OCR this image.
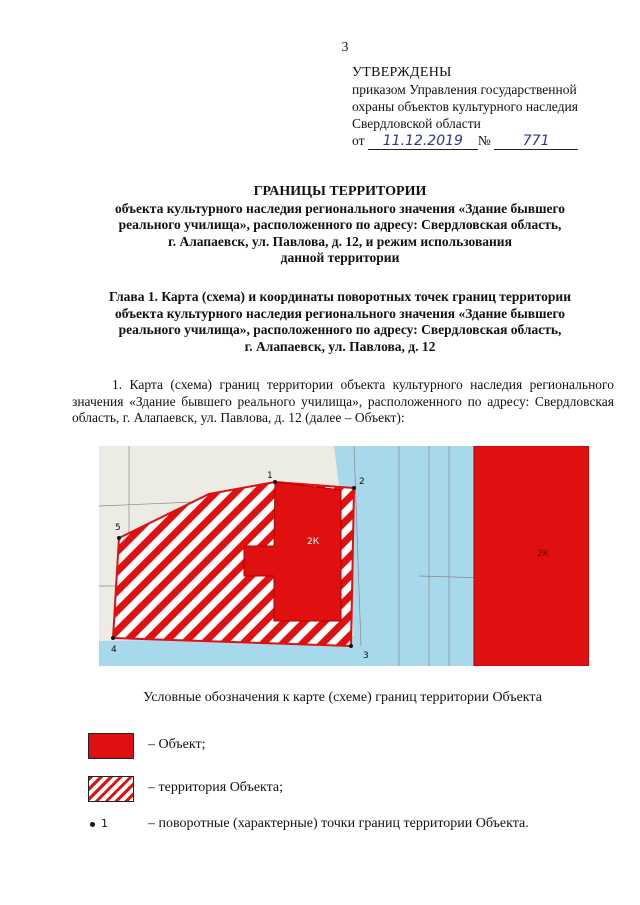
3
УТВЕРЖДЕНЫ
приказом Управления государственной
охраны объектов культурного наследия
Свердловской области
от 11.12.2019 № 771
ГРАНИЦЫ ТЕРРИТОРИИ
объекта культурного наследия регионального значения «Здание бывшего
реального училища», расположенного по адресу: Свердловская область,
г. Алапаевск, ул. Павлова, д. 12, и режим использования
данной территории
Глава 1. Карта (схема) и координаты поворотных точек границ территории
объекта культурного наследия регионального значения «Здание бывшего
реального училища», расположенного по адресу: Свердловская область,
г. Алапаевск, ул. Павлова, д. 12
1. Карта (схема) границ территории объекта культурного наследия регионального значения «Здание бывшего реального училища», расположенного по адресу: Свердловская область, г. Алапаевск, ул. Павлова, д. 12 (далее – Объект):
1
2
3
4
5
2К
2К
Условные обозначения к карте (схеме) границ территории Объекта
– Объект;
– территория Объекта;
1	– поворотные (характерные) точки границ территории Объекта.
